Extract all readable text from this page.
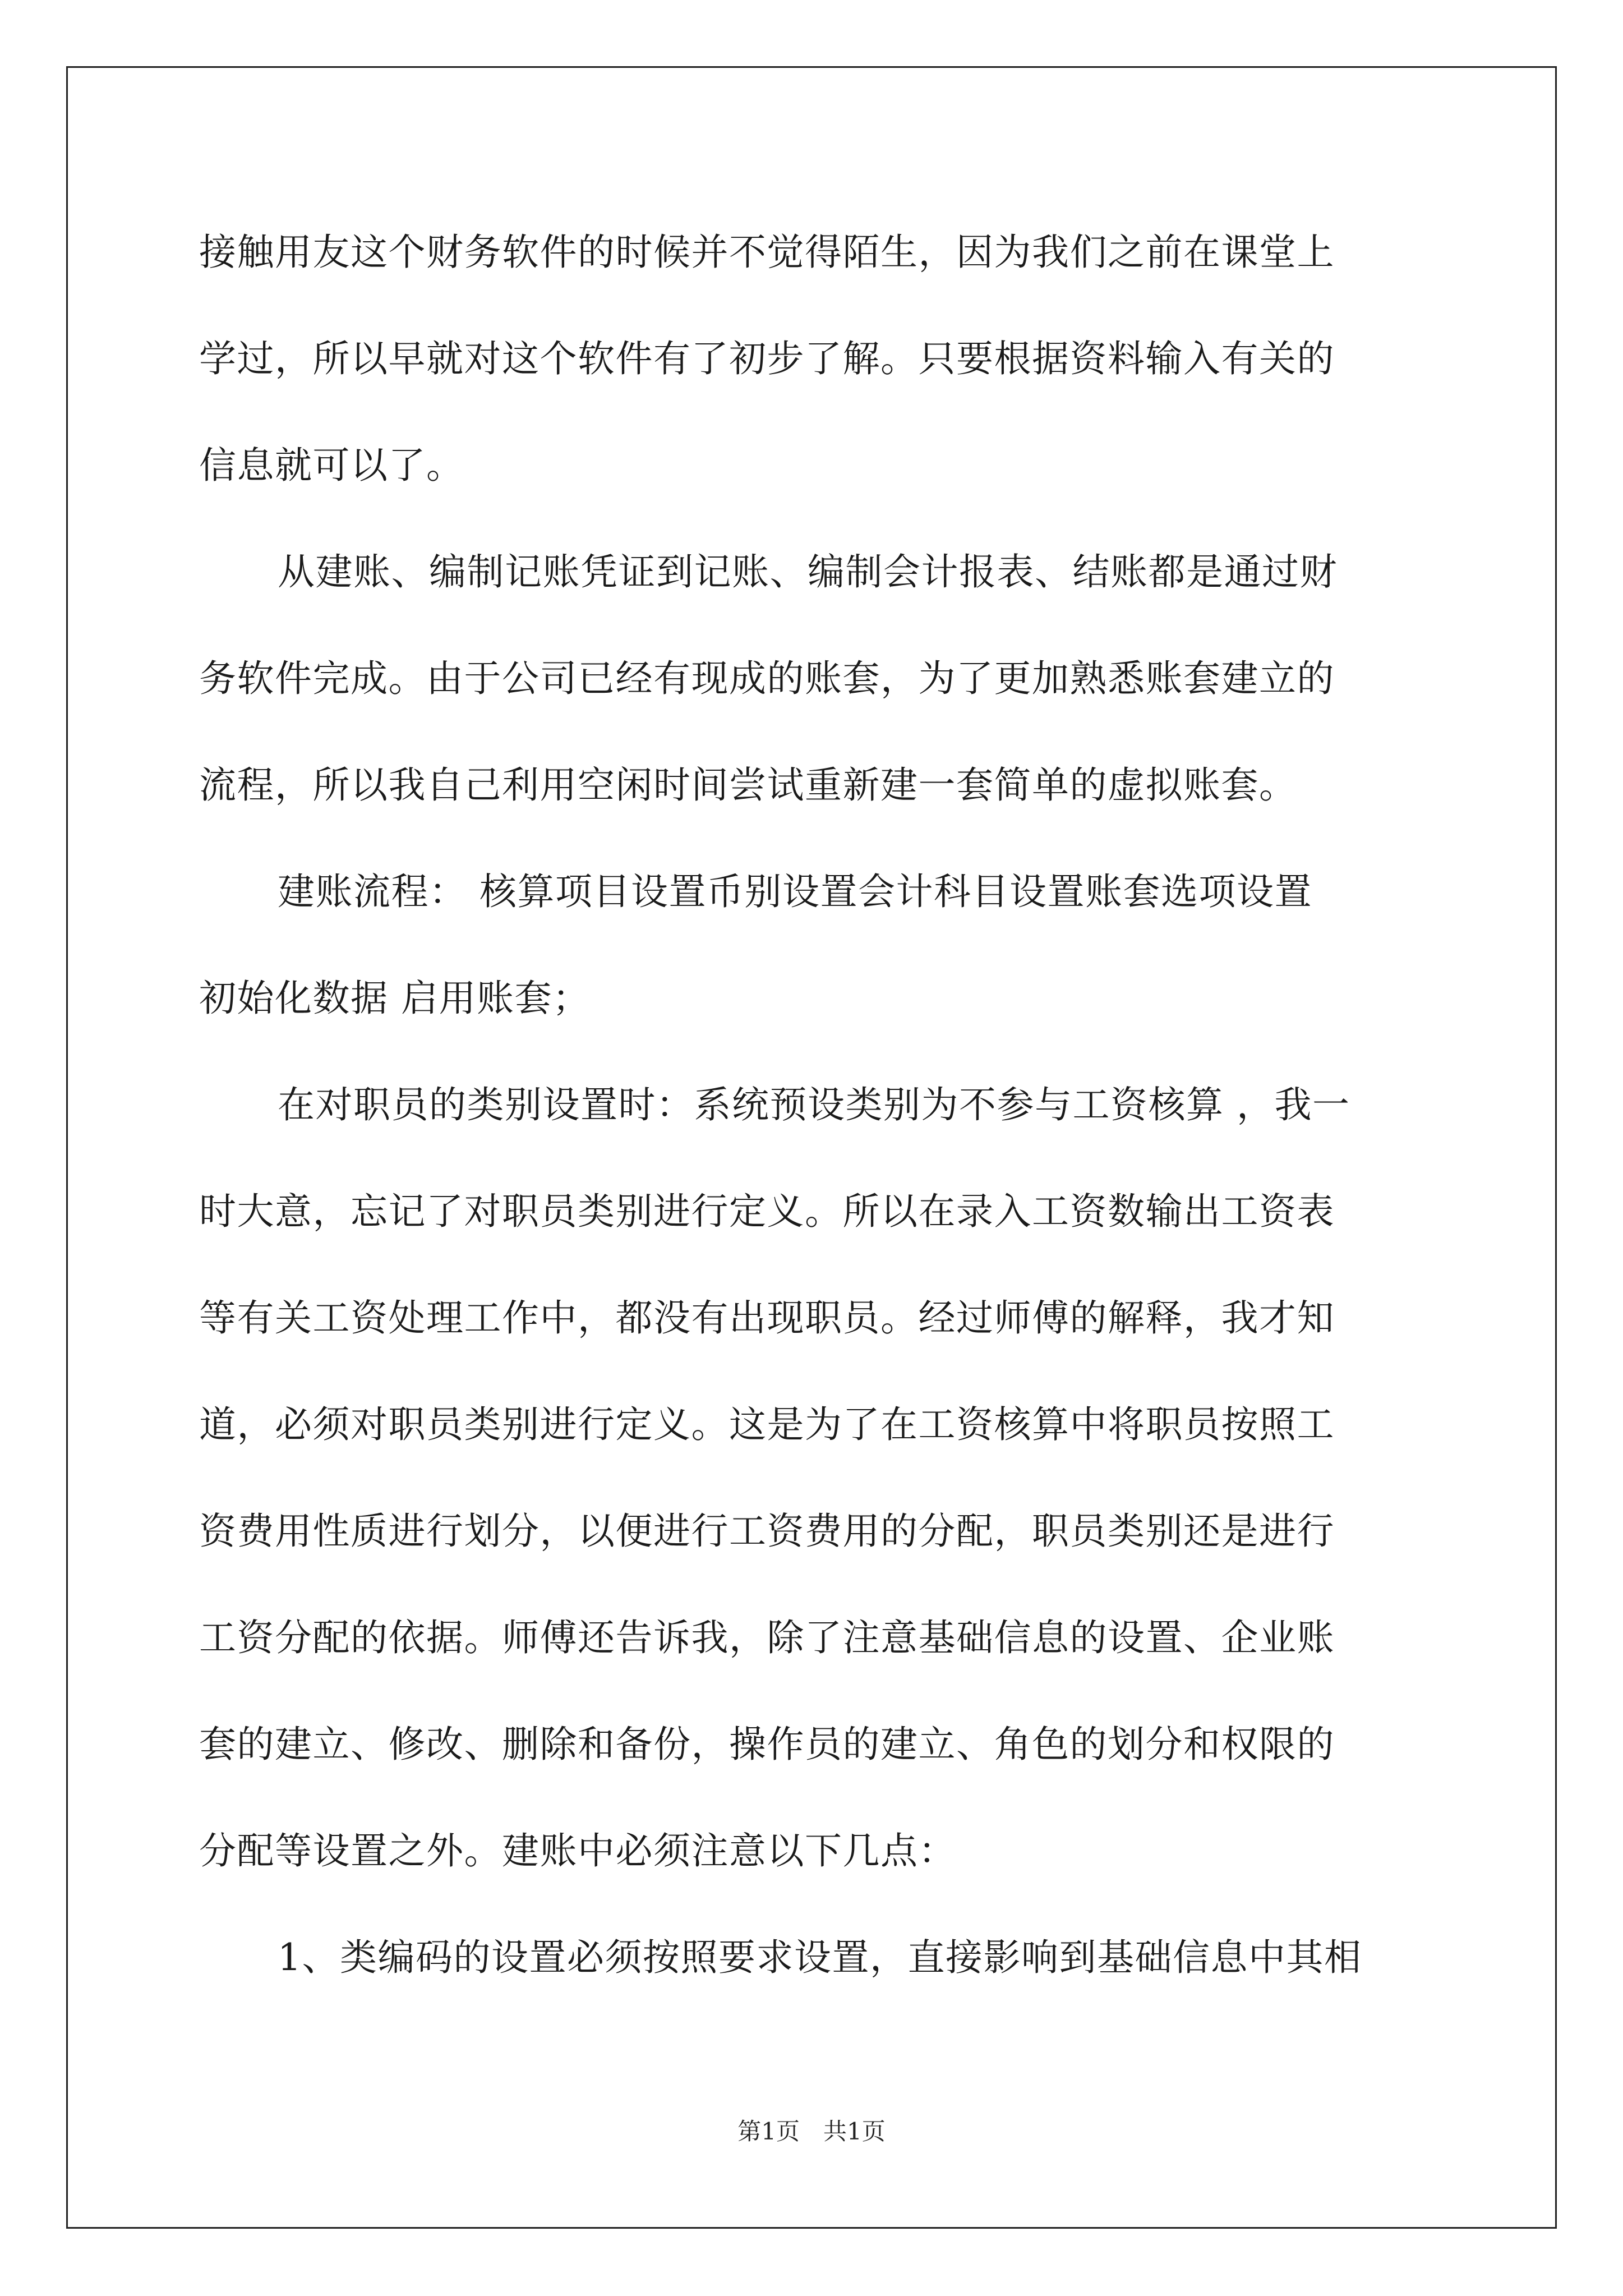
接触用友这个财务软件的时候并不觉得陌生，因为我们之前在课堂上
学过，所以早就对这个软件有了初步了解。只要根据资料输入有关的
信息就可以了。
从建账、编制记账凭证到记账、编制会计报表、结账都是通过财
务软件完成。由于公司已经有现成的账套，为了更加熟悉账套建立的
流程，所以我自己利用空闲时间尝试重新建一套简单的虚拟账套。
建账流程： 核算项目设置币别设置会计科目设置账套选项设置
初始化数据 启用账套；
在对职员的类别设置时：系统预设类别为不参与工资核算 ，我一
时大意，忘记了对职员类别进行定义。所以在录入工资数输出工资表
等有关工资处理工作中，都没有出现职员。经过师傅的解释，我才知
道，必须对职员类别进行定义。这是为了在工资核算中将职员按照工
资费用性质进行划分，以便进行工资费用的分配，职员类别还是进行
工资分配的依据。师傅还告诉我，除了注意基础信息的设置、企业账
套的建立、修改、删除和备份，操作员的建立、角色的划分和权限的
分配等设置之外。建账中必须注意以下几点：
1、类编码的设置必须按照要求设置，直接影响到基础信息中其相
第1页　共1页
